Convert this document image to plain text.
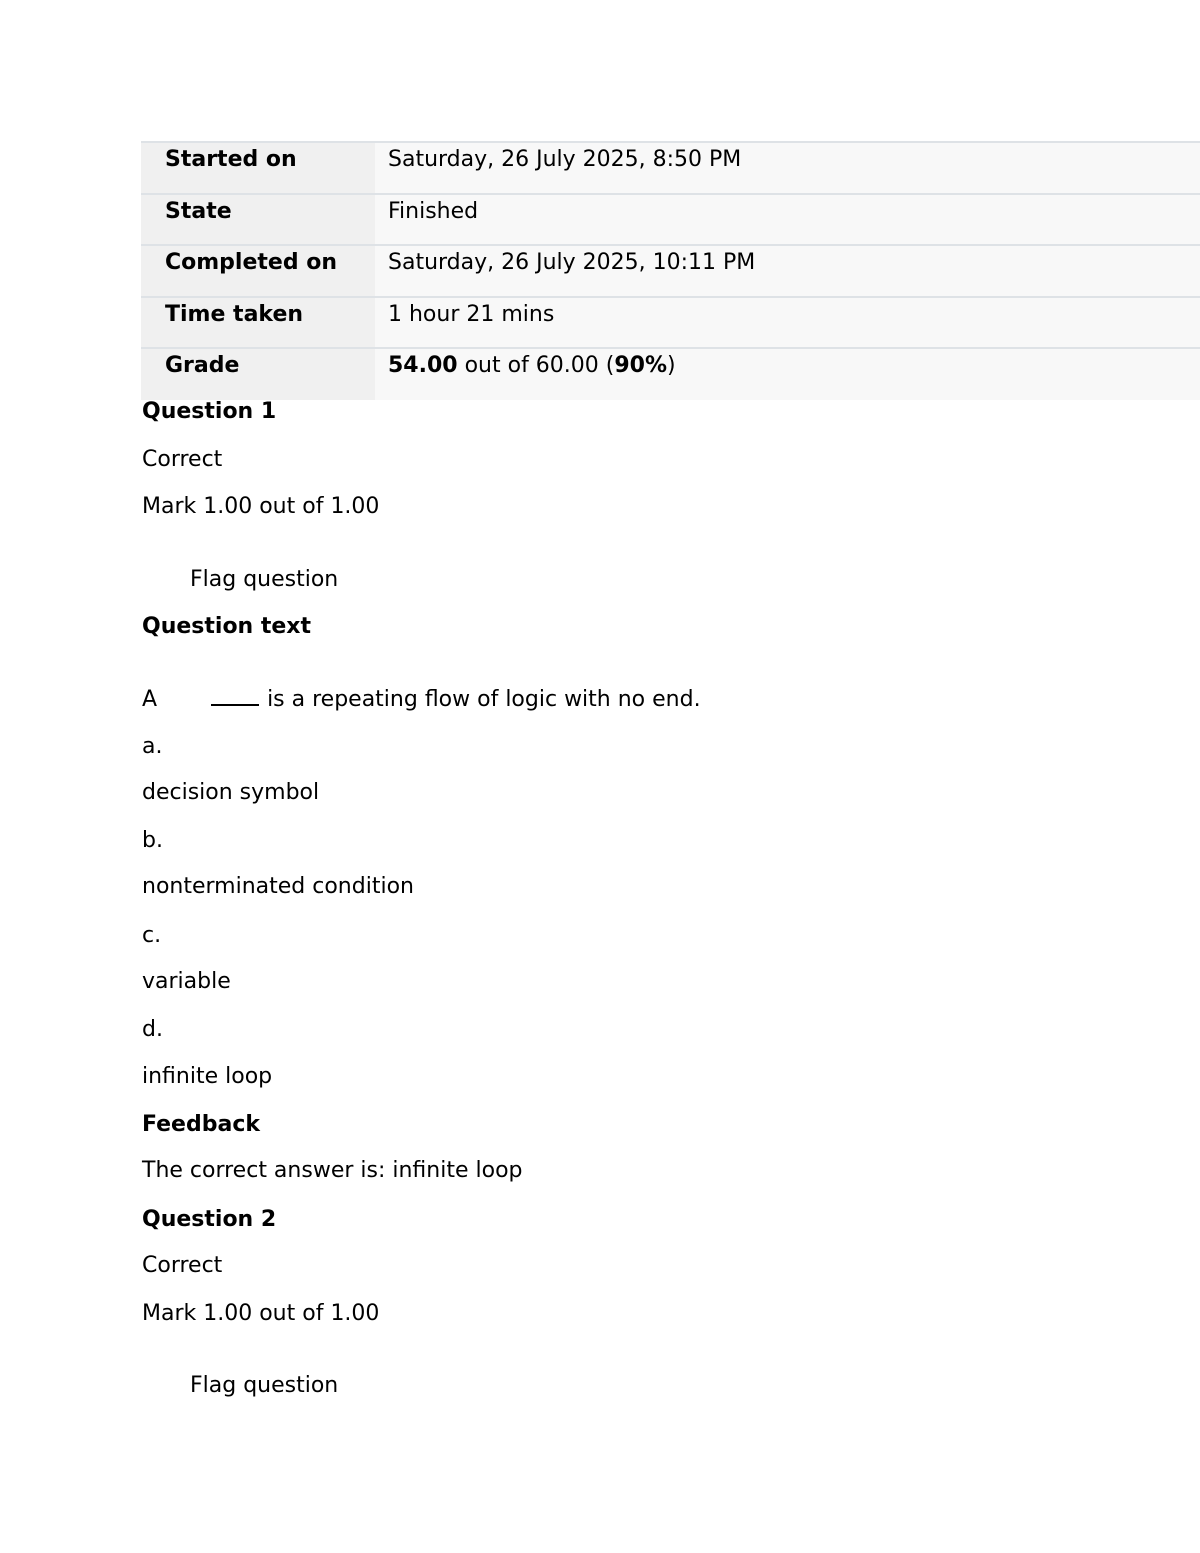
Started on	Saturday, 26 July 2025, 8:50 PM
State	Finished
Completed on	Saturday, 26 July 2025, 10:11 PM
Time taken	1 hour 21 mins
Grade	54.00 out of 60.00 (90%)
Question 1
Correct
Mark 1.00 out of 1.00
Flag question
Question text
A	is a repeating flow of logic with no end.
a.
decision symbol
b.
nonterminated condition
c.
variable
d.
infinite loop
Feedback
The correct answer is: infinite loop
Question 2
Correct
Mark 1.00 out of 1.00
Flag question
